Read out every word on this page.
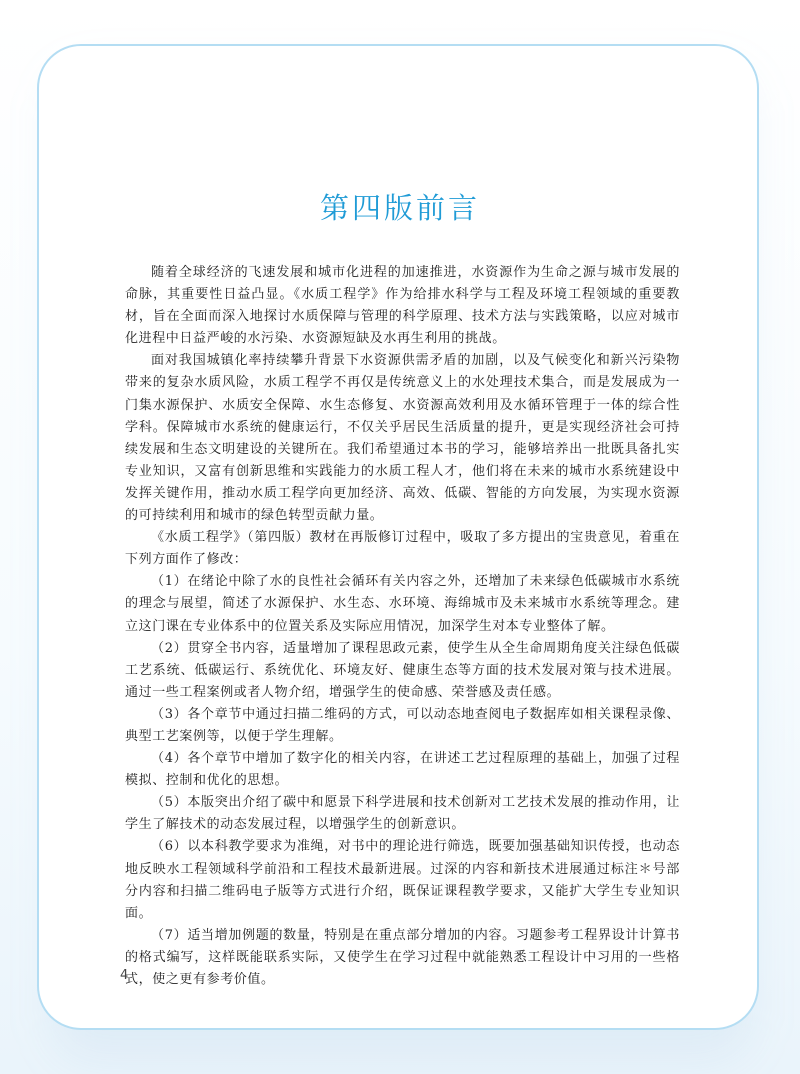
第四版前言

随着全球经济的飞速发展和城市化进程的加速推进，水资源作为生命之源与城市发展的命脉，其重要性日益凸显。《水质工程学》作为给排水科学与工程及环境工程领域的重要教材，旨在全面而深入地探讨水质保障与管理的科学原理、技术方法与实践策略，以应对城市化进程中日益严峻的水污染、水资源短缺及水再生利用的挑战。

面对我国城镇化率持续攀升背景下水资源供需矛盾的加剧，以及气候变化和新兴污染物带来的复杂水质风险，水质工程学不再仅是传统意义上的水处理技术集合，而是发展成为一门集水源保护、水质安全保障、水生态修复、水资源高效利用及水循环管理于一体的综合性学科。保障城市水系统的健康运行，不仅关乎居民生活质量的提升，更是实现经济社会可持续发展和生态文明建设的关键所在。我们希望通过本书的学习，能够培养出一批既具备扎实专业知识，又富有创新思维和实践能力的水质工程人才，他们将在未来的城市水系统建设中发挥关键作用，推动水质工程学向更加经济、高效、低碳、智能的方向发展，为实现水资源的可持续利用和城市的绿色转型贡献力量。

《水质工程学》（第四版）教材在再版修订过程中，吸取了多方提出的宝贵意见，着重在下列方面作了修改：

（1）在绪论中除了水的良性社会循环有关内容之外，还增加了未来绿色低碳城市水系统的理念与展望，简述了水源保护、水生态、水环境、海绵城市及未来城市水系统等理念。建立这门课在专业体系中的位置关系及实际应用情况，加深学生对本专业整体了解。

（2）贯穿全书内容，适量增加了课程思政元素，使学生从全生命周期角度关注绿色低碳工艺系统、低碳运行、系统优化、环境友好、健康生态等方面的技术发展对策与技术进展。通过一些工程案例或者人物介绍，增强学生的使命感、荣誉感及责任感。

（3）各个章节中通过扫描二维码的方式，可以动态地查阅电子数据库如相关课程录像、典型工艺案例等，以便于学生理解。

（4）各个章节中增加了数字化的相关内容，在讲述工艺过程原理的基础上，加强了过程模拟、控制和优化的思想。

（5）本版突出介绍了碳中和愿景下科学进展和技术创新对工艺技术发展的推动作用，让学生了解技术的动态发展过程，以增强学生的创新意识。

（6）以本科教学要求为准绳，对书中的理论进行筛选，既要加强基础知识传授，也动态地反映水工程领域科学前沿和工程技术最新进展。过深的内容和新技术进展通过标注＊号部分内容和扫描二维码电子版等方式进行介绍，既保证课程教学要求，又能扩大学生专业知识面。

（7）适当增加例题的数量，特别是在重点部分增加的内容。习题参考工程界设计计算书的格式编写，这样既能联系实际，又使学生在学习过程中就能熟悉工程设计中习用的一些格式，使之更有参考价值。

4
